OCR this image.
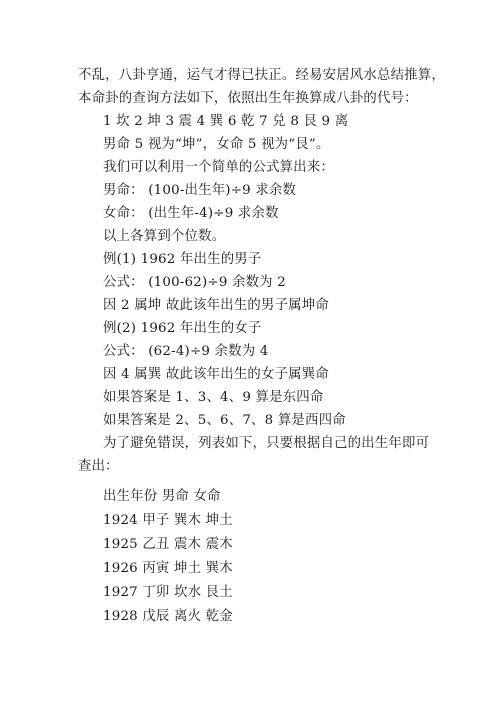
不乱，八卦亨通，运气才得已扶正。经易安居风水总结推算，
本命卦的查询方法如下，依照出生年换算成八卦的代号：
1 坎 2 坤 3 震 4 巽 6 乾 7 兑 8 艮 9 离
男命 5 视为“坤”，女命 5 视为“艮”。
我们可以利用一个简单的公式算出来：
男命： (100-出生年)÷9 求余数
女命： (出生年-4)÷9 求余数
以上各算到个位数。
例(1) 1962 年出生的男子
公式： (100-62)÷9 余数为 2
因 2 属坤 故此该年出生的男子属坤命
例(2) 1962 年出生的女子
公式： (62-4)÷9 余数为 4
因 4 属巽 故此该年出生的女子属巽命
如果答案是 1、3、4、9 算是东四命
如果答案是 2、5、6、7、8 算是西四命
为了避免错误，列表如下，只要根据自己的出生年即可
查出：
出生年份 男命 女命
1924 甲子 巽木 坤土
1925 乙丑 震木 震木
1926 丙寅 坤土 巽木
1927 丁卯 坎水 艮土
1928 戊辰 离火 乾金
